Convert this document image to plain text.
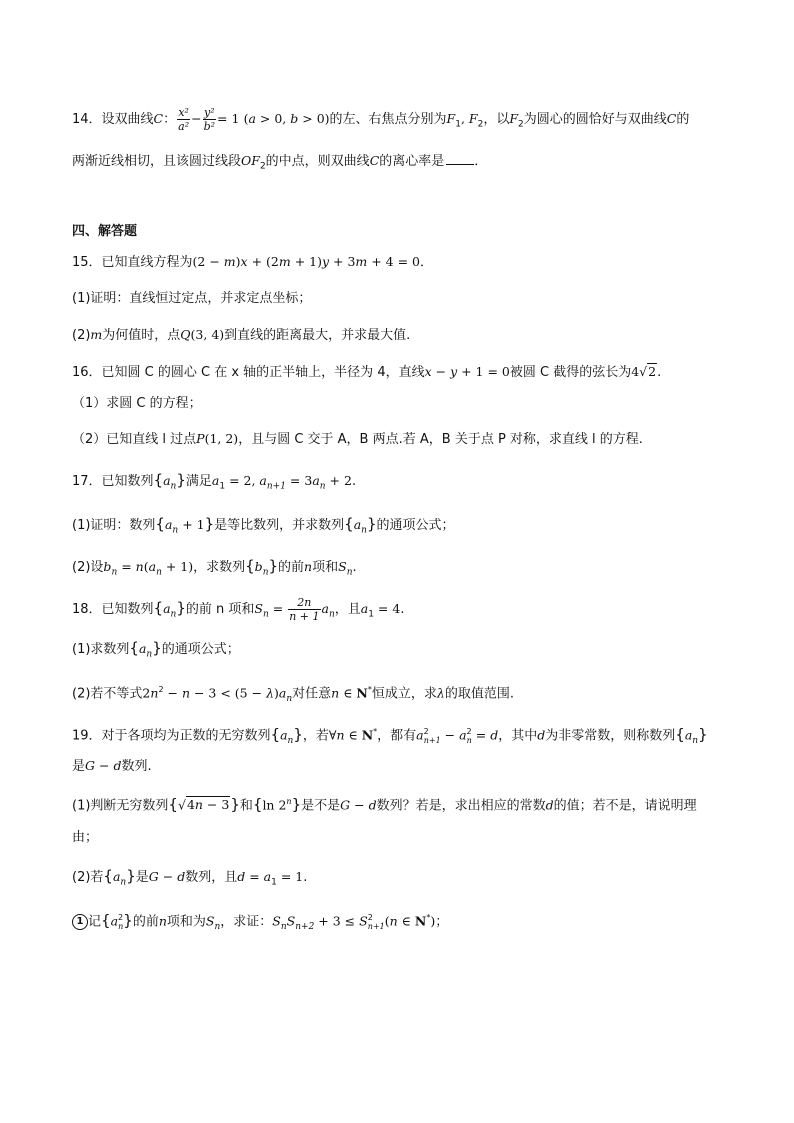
14．设双曲线C： $\frac{\text{x²}}{\text{a²}} - \frac{\text{y²}}{\text{b²}} = 1$ (a > 0, b > 0)的左、右焦点分别为$F_1$, $F_2$，以$F_2$为圆心的圆恰好与双曲线C的
两渐近线相切，且该圆过线段$OF_2$的中点，则双曲线C的离心率是 ．
四、解答题
15．已知直线方程为(2 − m)x + (2m + 1)y + 3m + 4 = 0．
(1)证明：直线恒过定点，并求定点坐标；
(2)m为何值时，点Q(3, 4)到直线的距离最大，并求最大值.
16．已知圆 C 的圆心 C 在 x 轴的正半轴上，半径为 4，直线x − y + 1 = 0被圆 C 截得的弦长为4√2.
（1）求圆 C 的方程；
（2）已知直线 l 过点P(1, 2)，且与圆 C 交于 A，B 两点.若 A，B 关于点 P 对称，求直线 l 的方程.
17．已知数列$\{a_n\}$满足$a_1 = 2$, $a_{n+1} = 3a_n + 2$.
(1)证明：数列$\{a_n + 1\}$是等比数列，并求数列$\{a_n\}$的通项公式；
(2)设$b_n = n(a_n + 1)$，求数列$\{b_n\}$的前n项和$S_n$.
18．已知数列$\{a_n\}$的前 n 项和$S_n = \frac{2n}{n + 1} a_n$，且$a_1 = 4$.
(1)求数列$\{a_n\}$的通项公式；
(2)若不等式$2n^2 - n - 3 < (5 - \lambda)a_n$对任意n ∈ N*恒成立，求λ的取值范围.
19．对于各项均为正数的无穷数列$\{a_n\}$，若∀n ∈ N*，都有$a^2_{n+1} - a^2_n = d$，其中d为非零常数，则称数列$\{a_n\}$
是G − d数列.
(1)判断无穷数列{√4n − 3}和{ln 2$^n$}是不是G − d数列？若是，求出相应的常数d的值；若不是，请说明理
由；
(2)若$\{a_n\}$是G − d数列，且$d = a_1 = 1$.
1 记$\{a^2_n\}$的前n项和为$S_n$，求证：$S_nS_{n+2} + 3 \le S^2_{n+1}(n$ ∈ N*)；
